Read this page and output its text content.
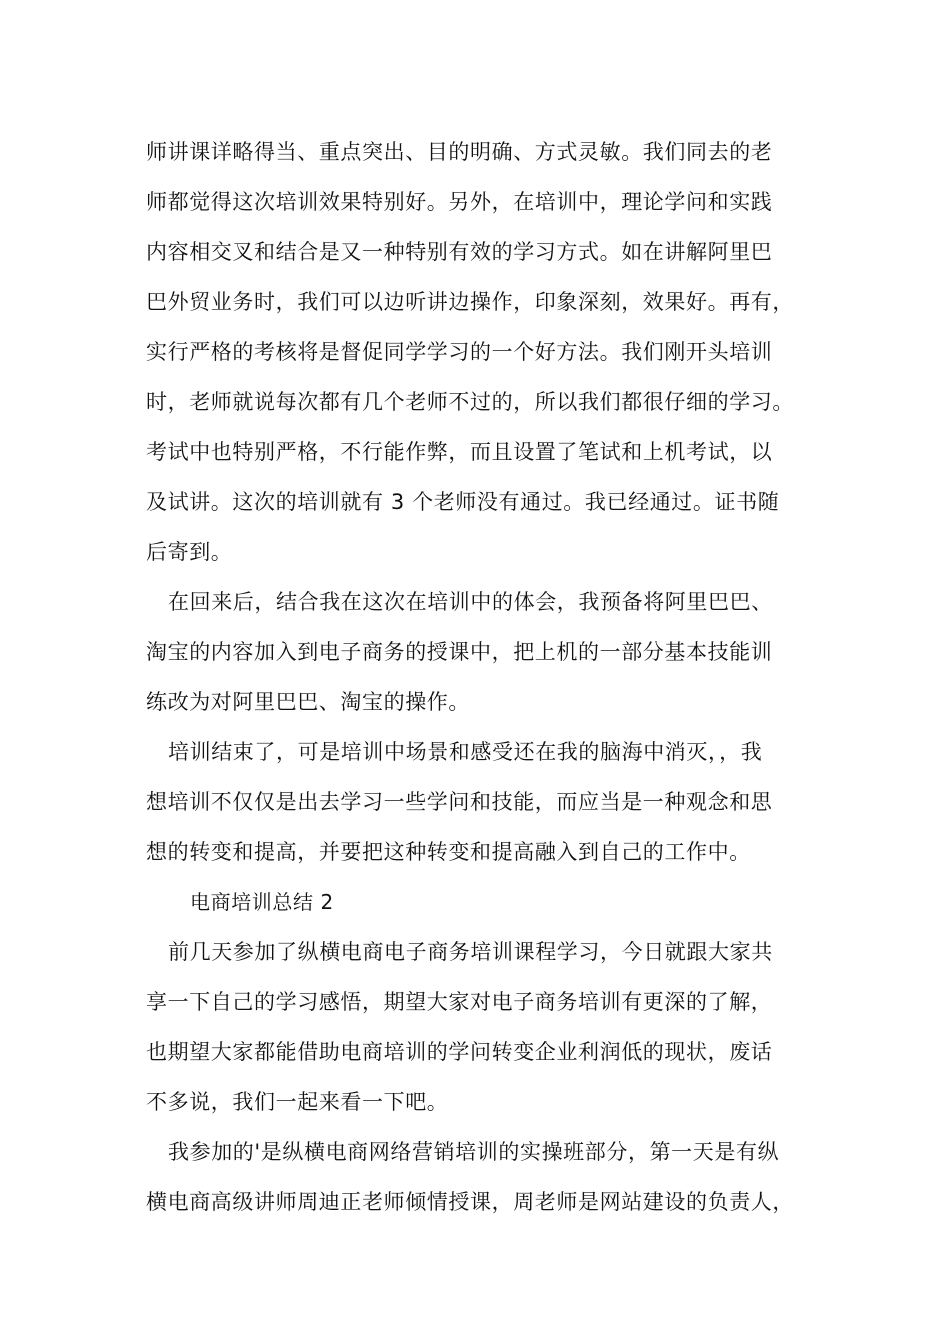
师讲课详略得当、重点突出、目的明确、方式灵敏。我们同去的老
师都觉得这次培训效果特别好。另外，在培训中，理论学问和实践
内容相交叉和结合是又一种特别有效的学习方式。如在讲解阿里巴
巴外贸业务时，我们可以边听讲边操作，印象深刻，效果好。再有，
实行严格的考核将是督促同学学习的一个好方法。我们刚开头培训
时，老师就说每次都有几个老师不过的，所以我们都很仔细的学习。
考试中也特别严格，不行能作弊，而且设置了笔试和上机考试，以
及试讲。这次的培训就有 3 个老师没有通过。我已经通过。证书随
后寄到。
在回来后，结合我在这次在培训中的体会，我预备将阿里巴巴、
淘宝的内容加入到电子商务的授课中，把上机的一部分基本技能训
练改为对阿里巴巴、淘宝的操作。
培训结束了，可是培训中场景和感受还在我的脑海中消灭，，我
想培训不仅仅是出去学习一些学问和技能，而应当是一种观念和思
想的转变和提高，并要把这种转变和提高融入到自己的工作中。
电商培训总结 2
前几天参加了纵横电商电子商务培训课程学习，今日就跟大家共
享一下自己的学习感悟，期望大家对电子商务培训有更深的了解，
也期望大家都能借助电商培训的学问转变企业利润低的现状，废话
不多说，我们一起来看一下吧。
我参加的'是纵横电商网络营销培训的实操班部分，第一天是有纵
横电商高级讲师周迪正老师倾情授课，周老师是网站建设的负责人，
